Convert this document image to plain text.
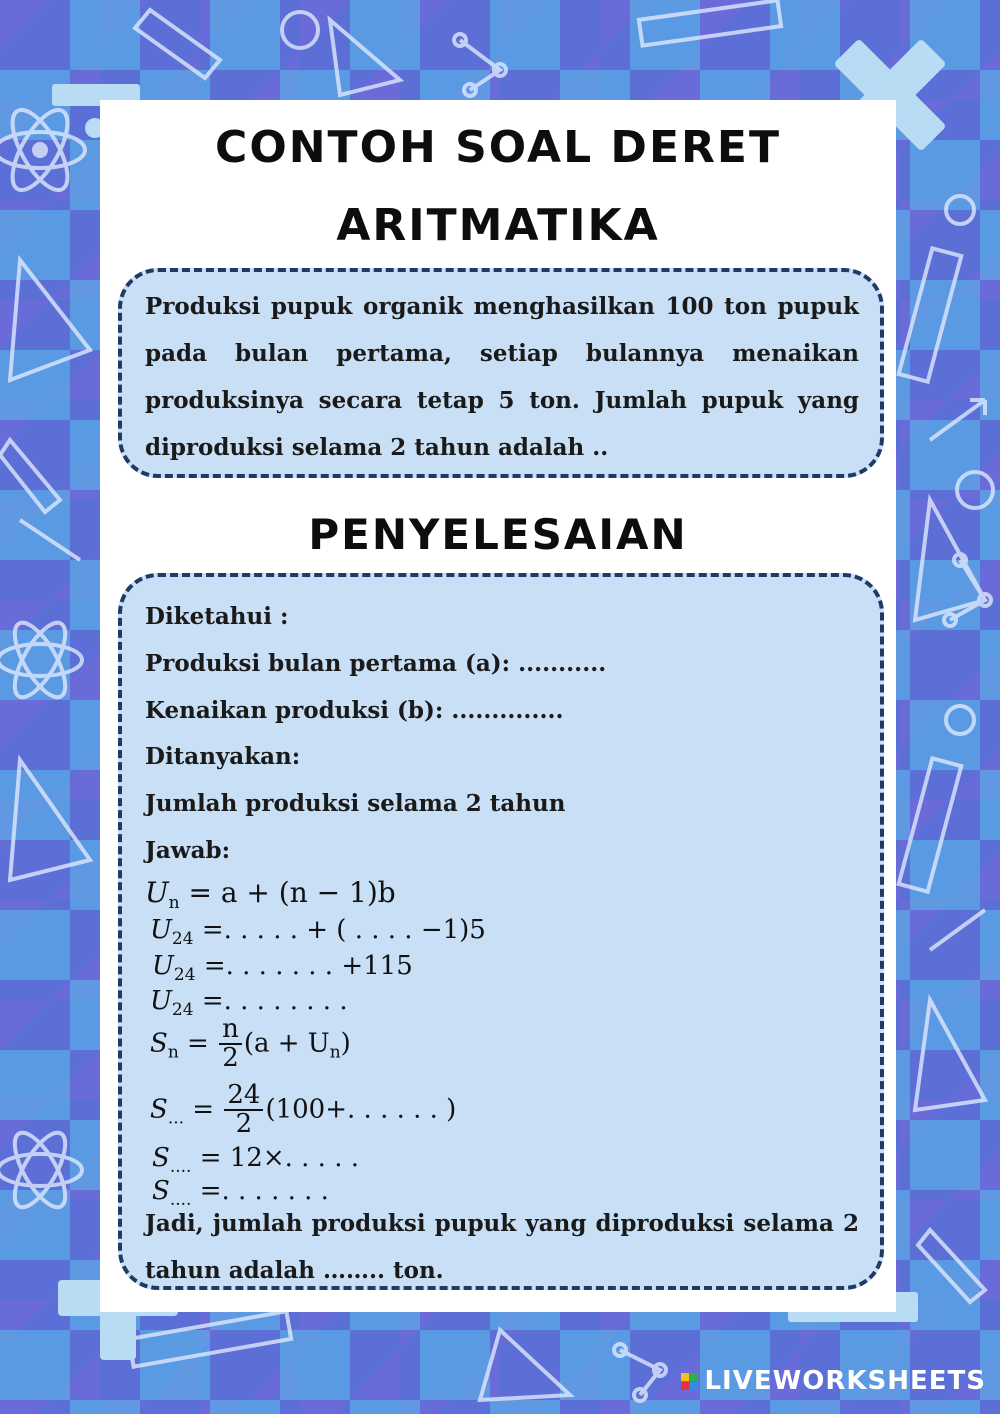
CONTOH SOAL DERET
ARITMATIKA

Produksi pupuk organik menghasilkan 100 ton pupuk pada bulan pertama, setiap bulannya menaikan produksinya secara tetap 5 ton. Jumlah pupuk yang diproduksi selama 2 tahun adalah ..

PENYELESAIAN

Diketahui :

Produksi bulan pertama (a): ...........

Kenaikan produksi (b): ..............

Ditanyakan:

Jumlah produksi selama 2 tahun

Jawab:

$U_n = a + (n - 1)b$

$U_{24}$ =. . . . . + ( . . . . −1)5

$U_{24}$ =. . . . . . . +115

$U_{24}$ =. . . . . . . .

$S_n = \frac{n}{2} (a + U_n)$

$S_{...} = \frac{24}{2} (100+$. . . . . . )

$S_{....} = 12\times$. . . . .

$S_{....}$ =. . . . . . .

Jadi, jumlah produksi pupuk yang diproduksi selama 2 tahun adalah …….. ton.

LIVEWORKSHEETS
